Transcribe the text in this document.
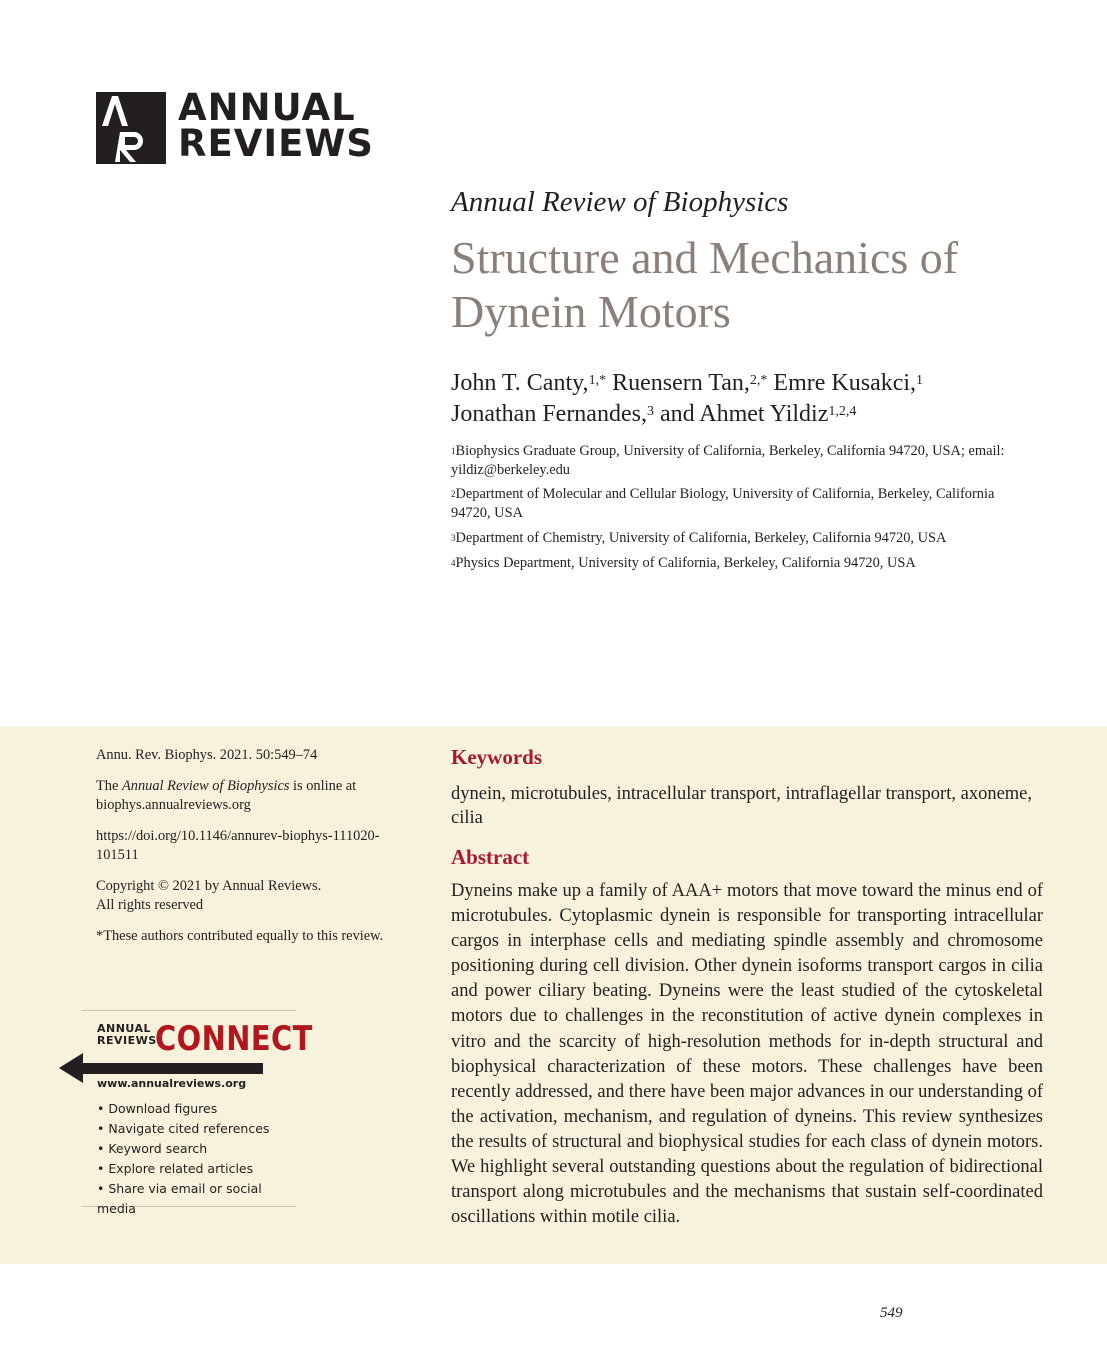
ANNUAL
REVIEWS
Annual Review of Biophysics
Structure and Mechanics of Dynein Motors
John T. Canty,$^{1,*}$ Ruensern Tan,$^{2,*}$ Emre Kusakci,$^1$
Jonathan Fernandes,$^3$ and Ahmet Yildiz$^{1,2,4}$
$^1$Biophysics Graduate Group, University of California, Berkeley, California 94720, USA; email: yildiz@berkeley.edu
$^2$Department of Molecular and Cellular Biology, University of California, Berkeley, California 94720, USA
$^3$Department of Chemistry, University of California, Berkeley, California 94720, USA
$^4$Physics Department, University of California, Berkeley, California 94720, USA
Annu. Rev. Biophys. 2021. 50:549–74
The Annual Review of Biophysics is online at
biophys.annualreviews.org
https://doi.org/10.1146/annurev-biophys-111020-
101511
Copyright © 2021 by Annual Reviews.
All rights reserved
*These authors contributed equally to this review.
ANNUAL
REVIEWS
CONNECT
www.annualreviews.org
• Download figures
• Navigate cited references
• Keyword search
• Explore related articles
• Share via email or social media
Keywords
dynein, microtubules, intracellular transport, intraflagellar transport, axoneme, cilia
Abstract
Dyneins make up a family of AAA+ motors that move toward the minus end of microtubules. Cytoplasmic dynein is responsible for transporting intracellular cargos in interphase cells and mediating spindle assembly and chromosome positioning during cell division. Other dynein isoforms transport cargos in cilia and power ciliary beating. Dyneins were the least studied of the cytoskeletal motors due to challenges in the reconstitution of active dynein complexes in vitro and the scarcity of high-resolution methods for in-depth structural and biophysical characterization of these motors. These challenges have been recently addressed, and there have been major advances in our understanding of the activation, mechanism, and regulation of dyneins. This review synthesizes the results of structural and biophysical studies for each class of dynein motors. We highlight several outstanding questions about the regulation of bidirectional transport along microtubules and the mechanisms that sustain self-coordinated oscillations within motile cilia.
549
